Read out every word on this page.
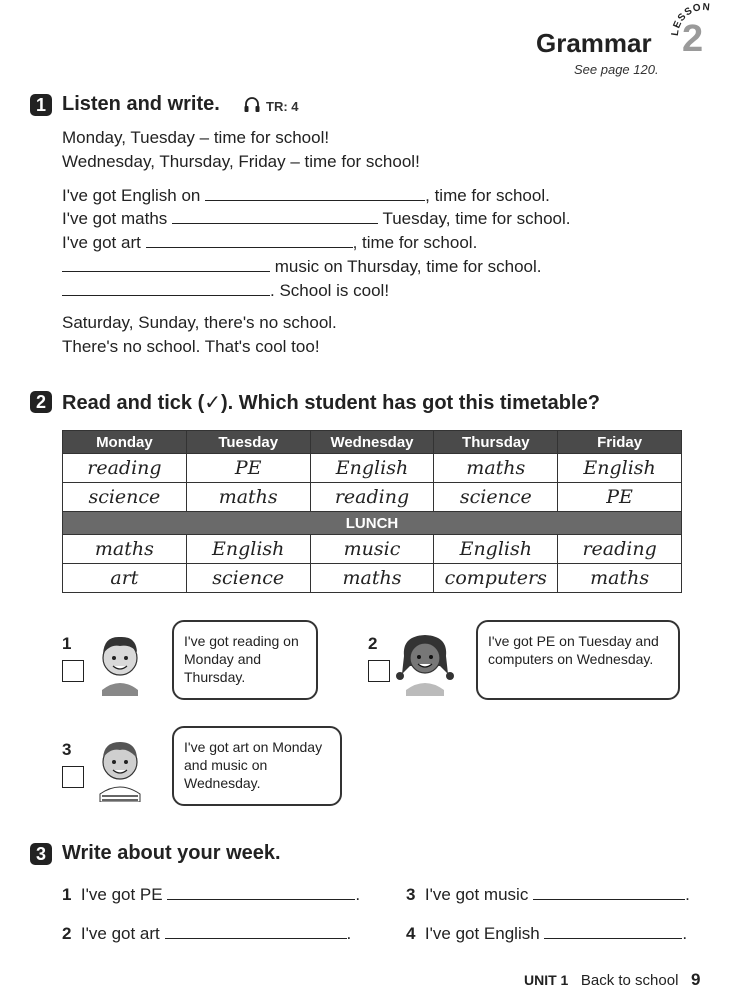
LESSON
2
Grammar
See page 120.
1 Listen and write.	TR: 4
Monday, Tuesday – time for school!
Wednesday, Thursday, Friday – time for school!
I've got English on	, time for school.
I've got maths	Tuesday, time for school.
I've got art	, time for school.
music on Thursday, time for school.
. School is cool!
Saturday, Sunday, there's no school.
There's no school. That's cool too!
2 Read and tick (✓). Which student has got this timetable?
Monday	Tuesday	Wednesday	Thursday	Friday
reading	PE	English	maths	English
science	maths	reading	science	PE
LUNCH				
maths	English	music	English	reading
art	science	maths	computers	maths
1	I've got reading on Monday and Thursday.
2	I've got PE on Tuesday and computers on Wednesday.
3	I've got art on Monday and music on Wednesday.
3 Write about your week.
1 I've got PE	.
2 I've got art	.
3 I've got music	.
4 I've got English	.
UNIT 1 Back to school 9
